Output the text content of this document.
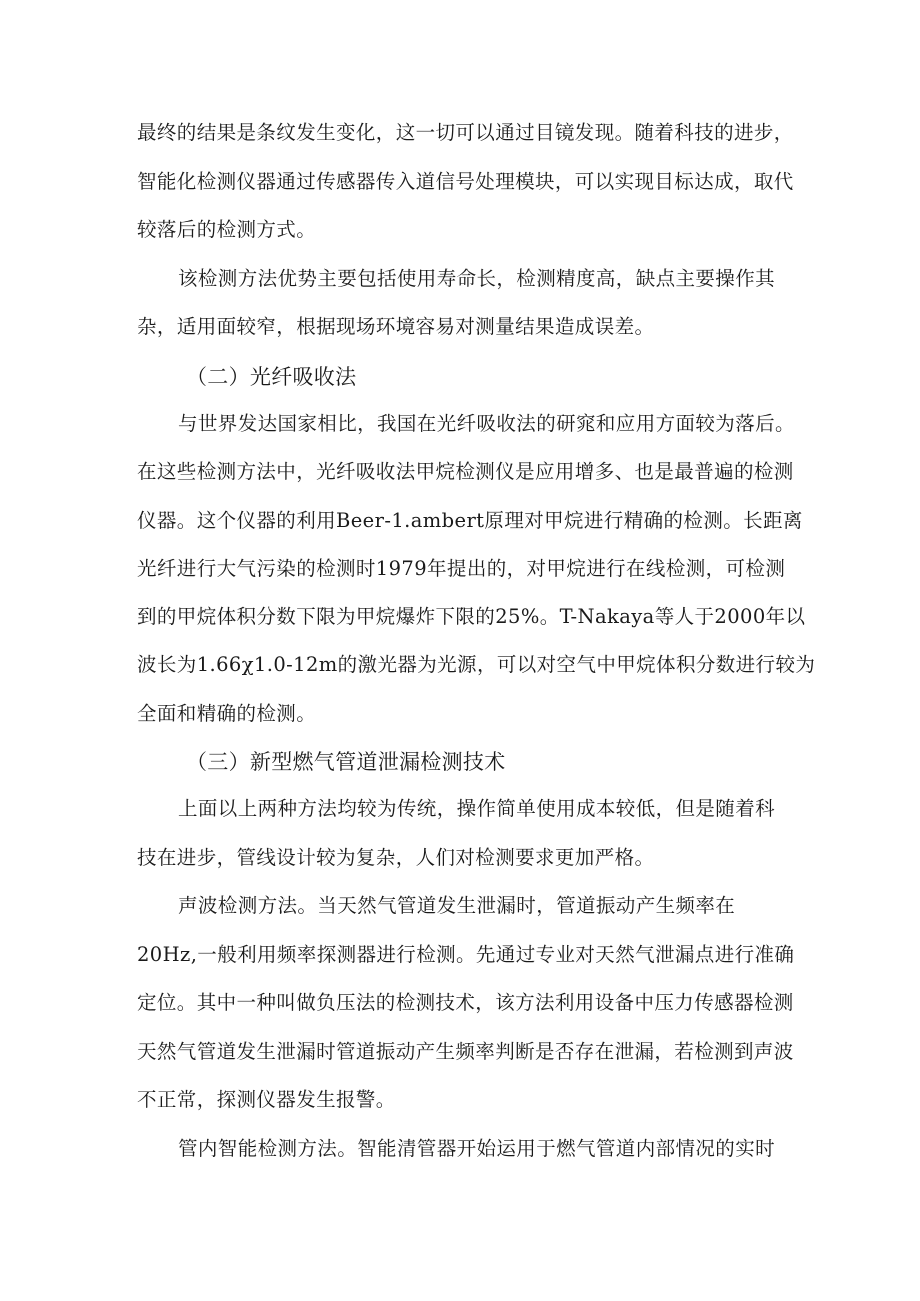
最终的结果是条纹发生变化，这一切可以通过目镜发现。随着科技的进步，
智能化检测仪器通过传感器传入道信号处理模块，可以实现目标达成，取代
较落后的检测方式。
该检测方法优势主要包括使用寿命长，检测精度高，缺点主要操作其
杂，适用面较窄，根据现场环境容易对测量结果造成误差。
（二）光纤吸收法
与世界发达国家相比，我国在光纤吸收法的研窕和应用方面较为落后。
在这些检测方法中，光纤吸收法甲烷检测仪是应用增多、也是最普遍的检测
仪器。这个仪器的利用Beer-1.ambert原理对甲烷进行精确的检测。长距离
光纤进行大气污染的检测时1979年提出的，对甲烷进行在线检测，可检测
到的甲烷体积分数下限为甲烷爆炸下限的25%。T-Nakaya等人于2000年以
波长为1.66χ1.0-12m的激光器为光源，可以对空气中甲烷体积分数进行较为
全面和精确的检测。
（三）新型燃气管道泄漏检测技术
上面以上两种方法均较为传统，操作简单使用成本较低，但是随着科
技在进步，管线设计较为复杂，人们对检测要求更加严格。
声波检测方法。当天然气管道发生泄漏时，管道振动产生频率在
20Hz,一般利用频率探测器进行检测。先通过专业对天然气泄漏点进行准确
定位。其中一种叫做负压法的检测技术，该方法利用设备中压力传感器检测
天然气管道发生泄漏时管道振动产生频率判断是否存在泄漏，若检测到声波
不正常，探测仪器发生报警。
管内智能检测方法。智能清管器开始运用于燃气管道内部情况的实时
